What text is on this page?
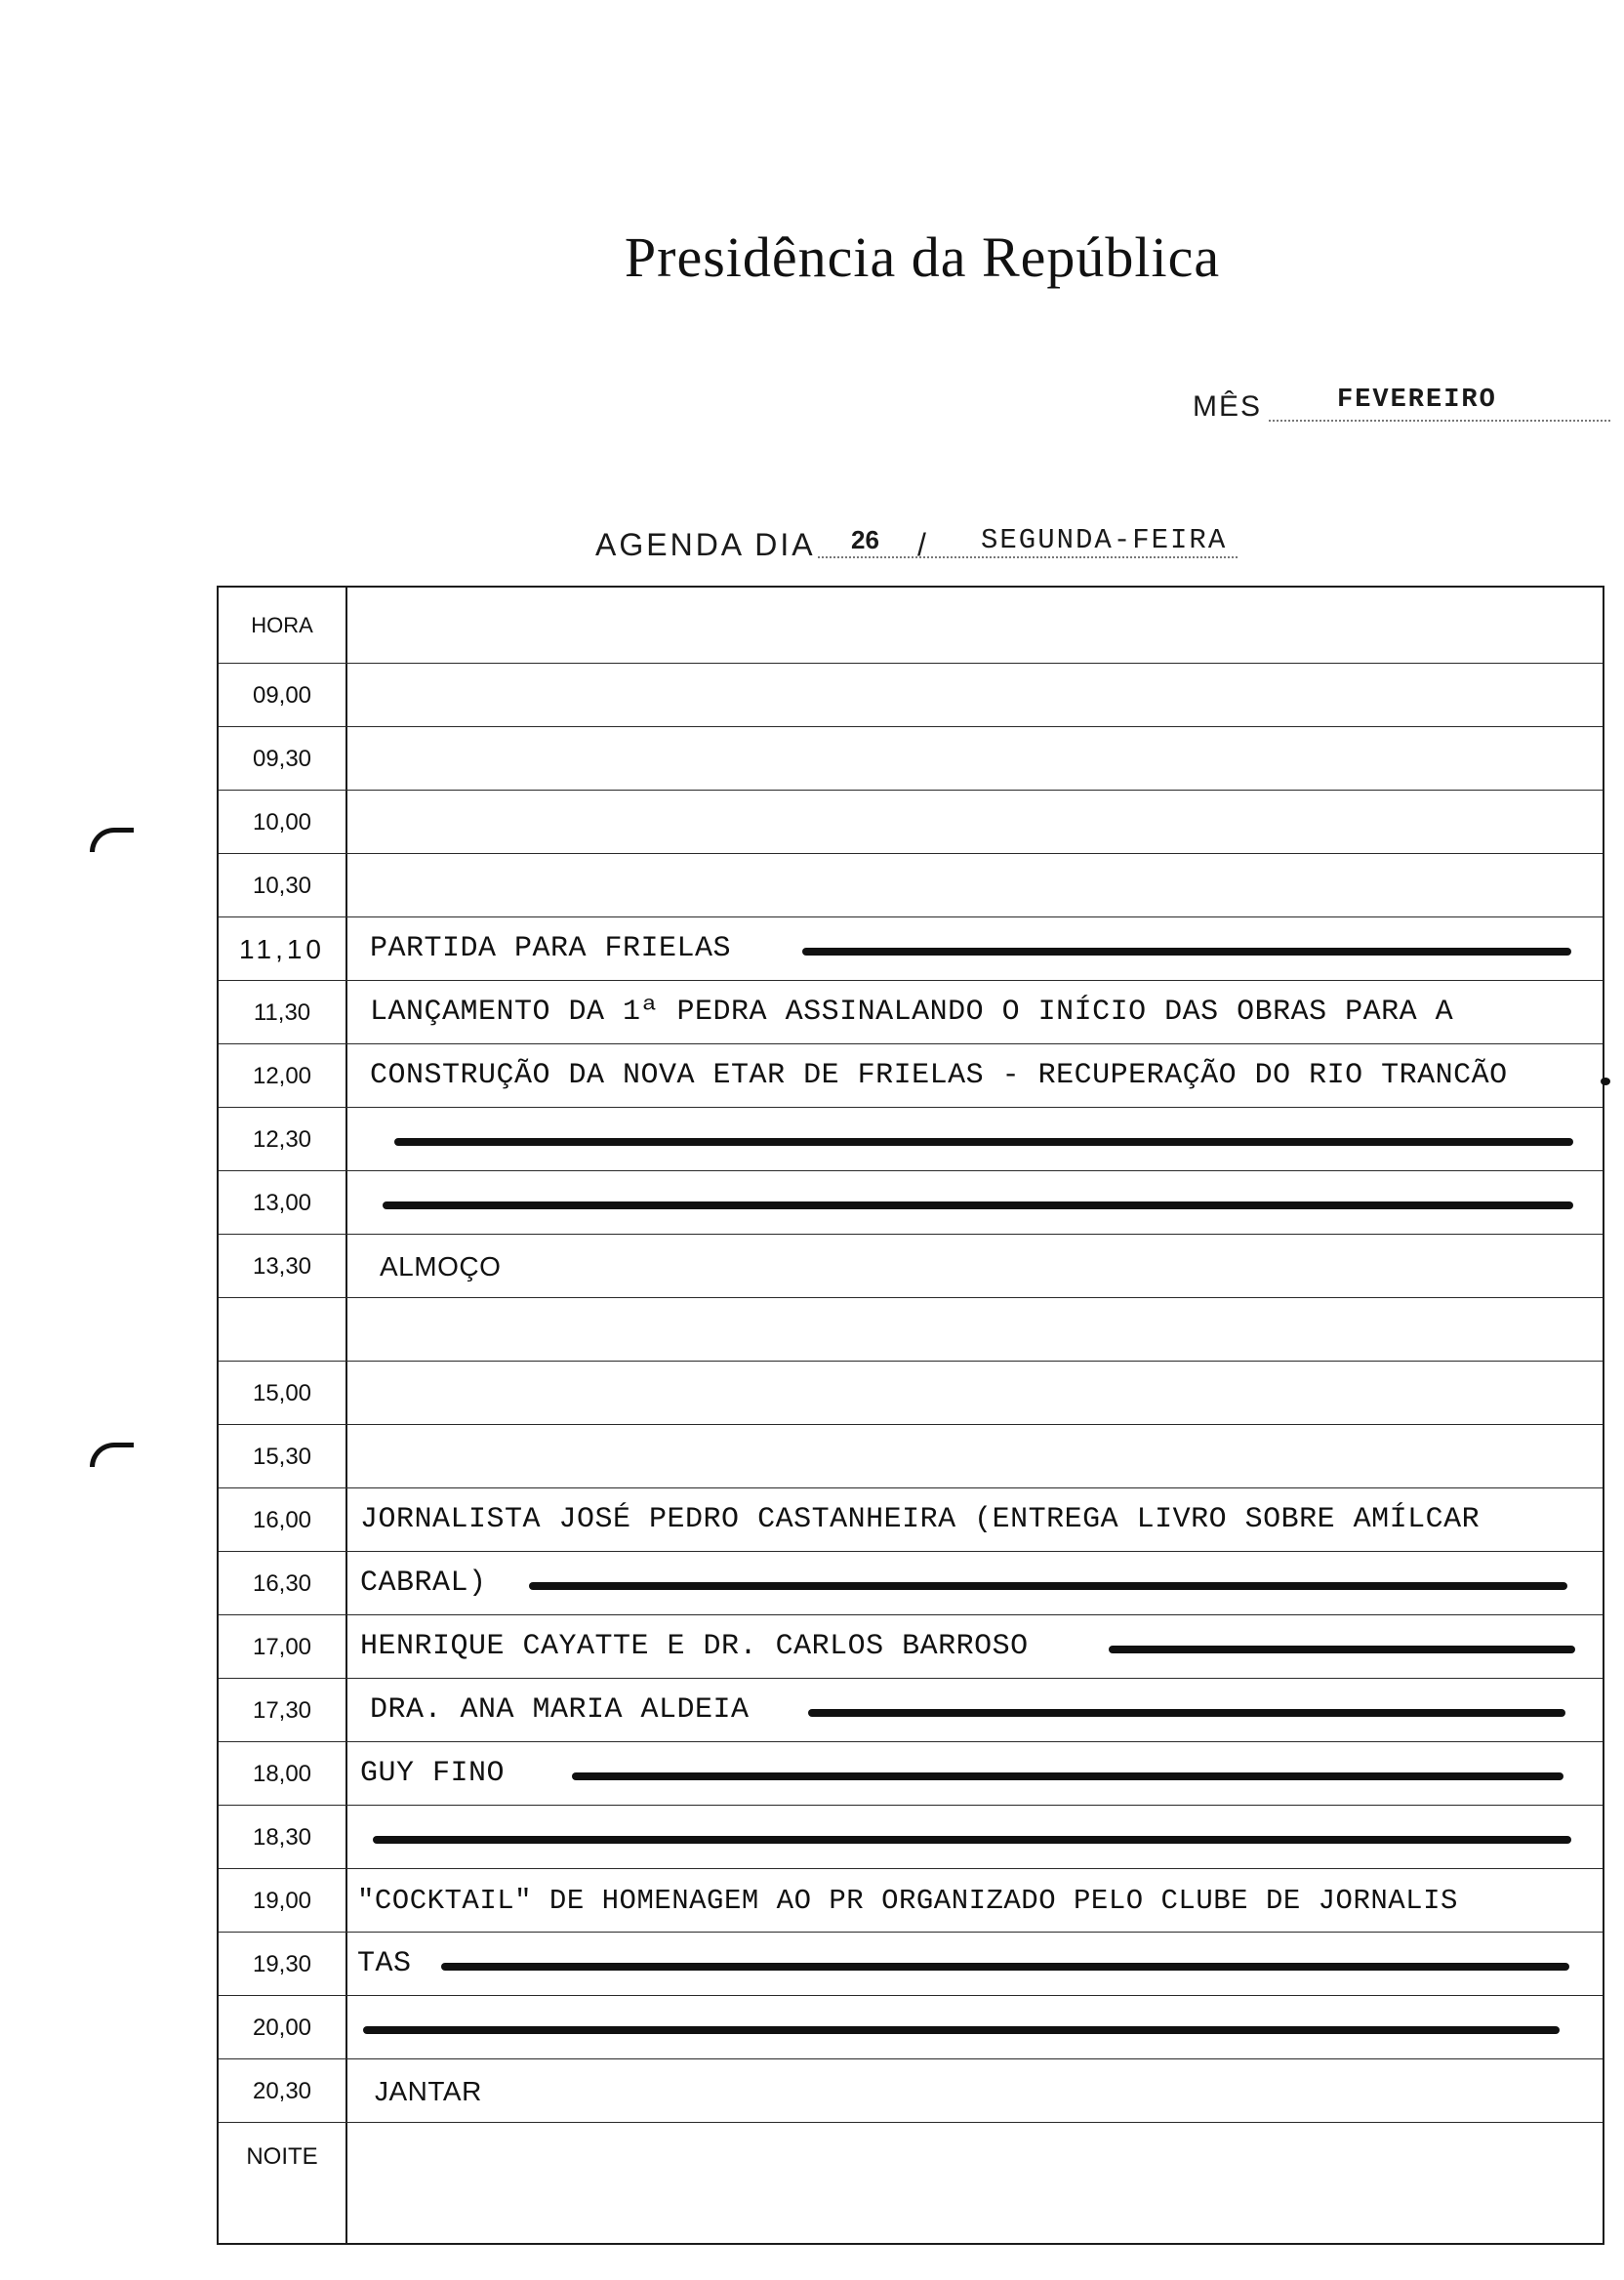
Presidência da República
MÊS	FEVEREIRO
AGENDA DIA 26 / SEGUNDA-FEIRA
HORA
09,00
09,30
10,00
10,30
11,10	PARTIDA PARA FRIELAS
11,30	LANÇAMENTO DA 1ª PEDRA ASSINALANDO O INÍCIO DAS OBRAS PARA A
12,00	CONSTRUÇÃO DA NOVA ETAR DE FRIELAS - RECUPERAÇÃO DO RIO TRANCÃO
12,30
13,00
13,30	ALMOÇO
15,00
15,30
16,00	JORNALISTA JOSÉ PEDRO CASTANHEIRA (ENTREGA LIVRO SOBRE AMÍLCAR
16,30	CABRAL)
17,00	HENRIQUE CAYATTE E DR. CARLOS BARROSO
17,30	DRA. ANA MARIA ALDEIA
18,00	GUY FINO
18,30
19,00	"COCKTAIL" DE HOMENAGEM AO PR ORGANIZADO PELO CLUBE DE JORNALIS
19,30	TAS
20,00
20,30	JANTAR
NOITE
